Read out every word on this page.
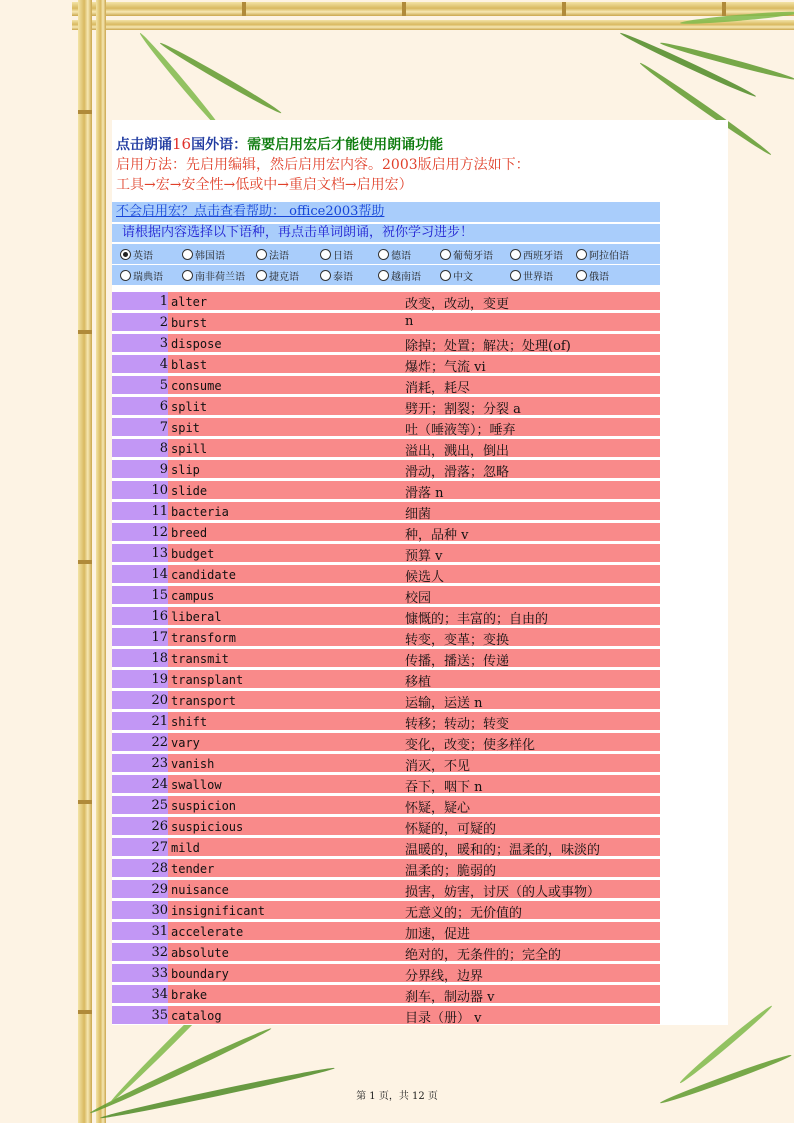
点击朗诵16国外语：需要启用宏后才能使用朗诵功能
启用方法：先启用编辑，然后启用宏内容。2003版启用方法如下：
工具→宏→安全性→低或中→重启文档→启用宏）
不会启用宏？点击查看帮助： office2003帮助
请根据内容选择以下语种，再点击单词朗诵，祝你学习进步！
英语	韩国语	法语	日语	德语	葡萄牙语	西班牙语	阿拉伯语
瑞典语	南非荷兰语	捷克语	泰语	越南语	中文	世界语	俄语
1 alter	改变，改动，变更
2 burst	n
3 dispose	除掉；处置；解决；处理(of)
4 blast	爆炸；气流 vi
5 consume	消耗，耗尽
6 split	劈开；割裂；分裂 a
7 spit	吐（唾液等）；唾弃
8 spill	溢出，溅出，倒出
9 slip	滑动，滑落；忽略
10 slide	滑落 n
11 bacteria	细菌
12 breed	种，品种 v
13 budget	预算 v
14 candidate	候选人
15 campus	校园
16 liberal	慷慨的；丰富的；自由的
17 transform	转变，变革；变换
18 transmit	传播，播送；传递
19 transplant	移植
20 transport	运输，运送 n
21 shift	转移；转动；转变
22 vary	变化，改变；使多样化
23 vanish	消灭，不见
24 swallow	吞下，咽下 n
25 suspicion	怀疑，疑心
26 suspicious	怀疑的，可疑的
27 mild	温暖的，暖和的；温柔的，味淡的
28 tender	温柔的；脆弱的
29 nuisance	损害，妨害，讨厌（的人或事物）
30 insignificant	无意义的；无价值的
31 accelerate	加速，促进
32 absolute	绝对的，无条件的；完全的
33 boundary	分界线，边界
34 brake	刹车，制动器 v
35 catalog	目录（册） v
第 1 页，共 12 页
